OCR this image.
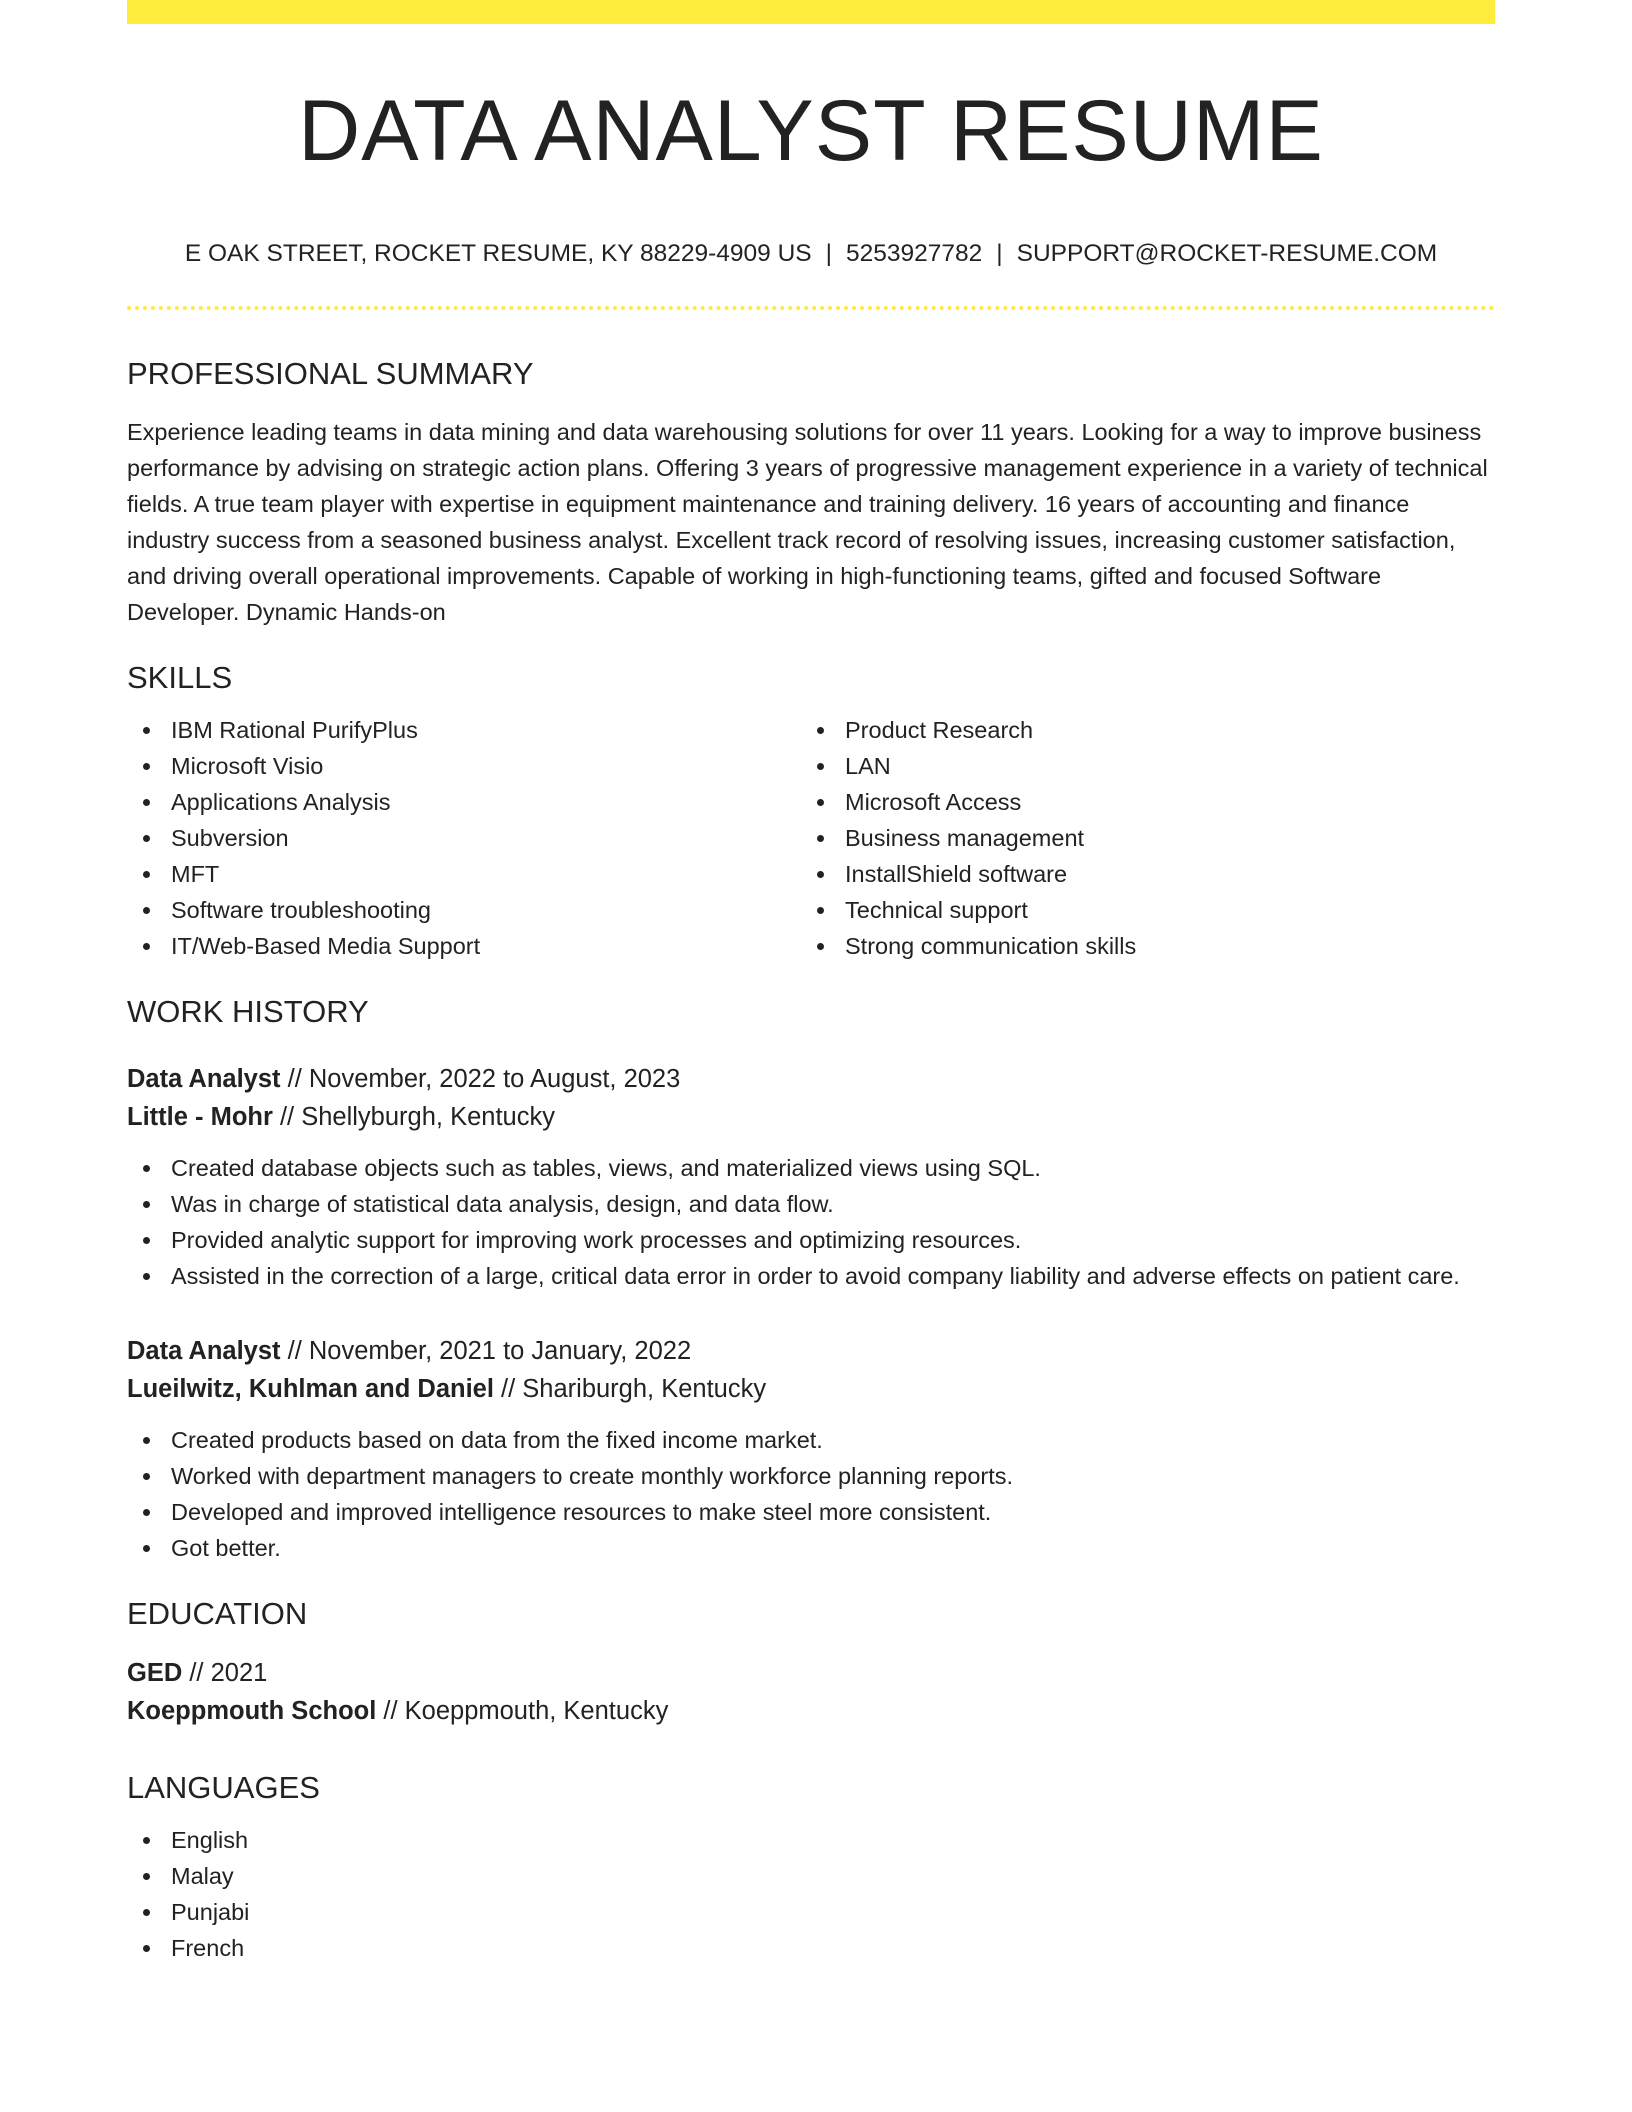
DATA ANALYST RESUME
E OAK STREET, ROCKET RESUME, KY 88229-4909 US | 5253927782 | SUPPORT@ROCKET-RESUME.COM
PROFESSIONAL SUMMARY

Experience leading teams in data mining and data warehousing solutions for over 11 years. Looking for a way to improve business performance by advising on strategic action plans. Offering 3 years of progressive management experience in a variety of technical fields. A true team player with expertise in equipment maintenance and training delivery. 16 years of accounting and finance industry success from a seasoned business analyst. Excellent track record of resolving issues, increasing customer satisfaction, and driving overall operational improvements. Capable of working in high-functioning teams, gifted and focused Software Developer. Dynamic Hands-on

SKILLS
IBM Rational PurifyPlus
Microsoft Visio
Applications Analysis
Subversion
MFT
Software troubleshooting
IT/Web-Based Media Support
Product Research
LAN
Microsoft Access
Business management
InstallShield software
Technical support
Strong communication skills
WORK HISTORY
Data Analyst // November, 2022 to August, 2023
Little - Mohr // Shellyburgh, Kentucky
Created database objects such as tables, views, and materialized views using SQL.
Was in charge of statistical data analysis, design, and data flow.
Provided analytic support for improving work processes and optimizing resources.
Assisted in the correction of a large, critical data error in order to avoid company liability and adverse effects on patient care.
Data Analyst // November, 2021 to January, 2022
Lueilwitz, Kuhlman and Daniel // Shariburgh, Kentucky
Created products based on data from the fixed income market.
Worked with department managers to create monthly workforce planning reports.
Developed and improved intelligence resources to make steel more consistent.
Got better.
EDUCATION
GED // 2021
Koeppmouth School // Koeppmouth, Kentucky
LANGUAGES
English
Malay
Punjabi
French
